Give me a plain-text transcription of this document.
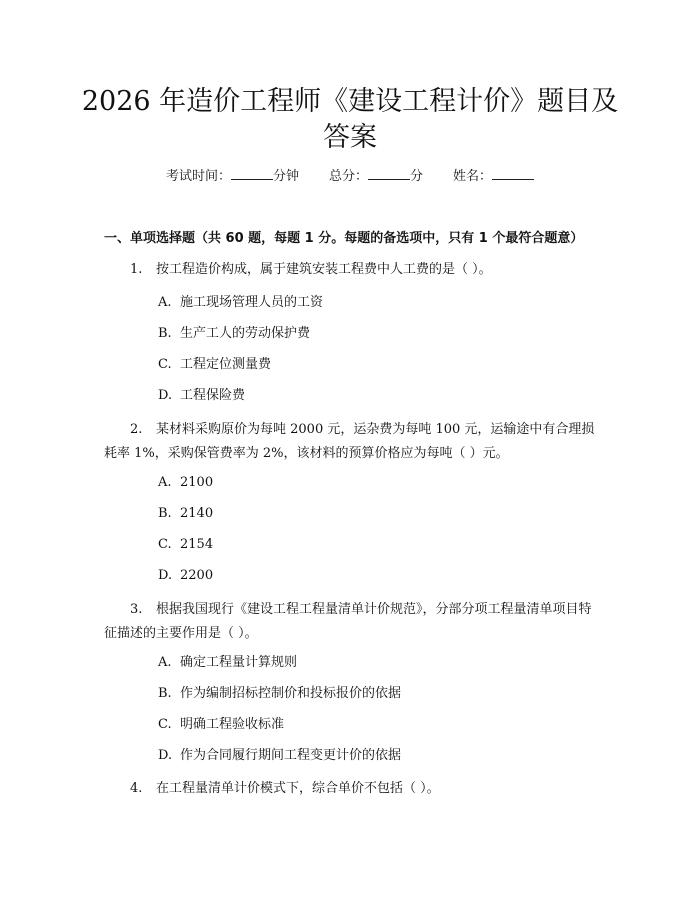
2026 年造价工程师《建设工程计价》题目及
答案
考试时间：	分钟 总分：	分 姓名：
一、单项选择题（共 60 题，每题 1 分。每题的备选项中，只有 1 个最符合题意）
1. 按工程造价构成，属于建筑安装工程费中人工费的是（ ）。
A. 施工现场管理人员的工资
B. 生产工人的劳动保护费
C. 工程定位测量费
D. 工程保险费
2. 某材料采购原价为每吨 2000 元，运杂费为每吨 100 元，运输途中有合理损耗率 1%，采购保管费率为 2%，该材料的预算价格应为每吨（ ）元。
A. 2100
B. 2140
C. 2154
D. 2200
3. 根据我国现行《建设工程工程量清单计价规范》，分部分项工程量清单项目特征描述的主要作用是（ ）。
A. 确定工程量计算规则
B. 作为编制招标控制价和投标报价的依据
C. 明确工程验收标准
D. 作为合同履行期间工程变更计价的依据
4. 在工程量清单计价模式下，综合单价不包括（ ）。
